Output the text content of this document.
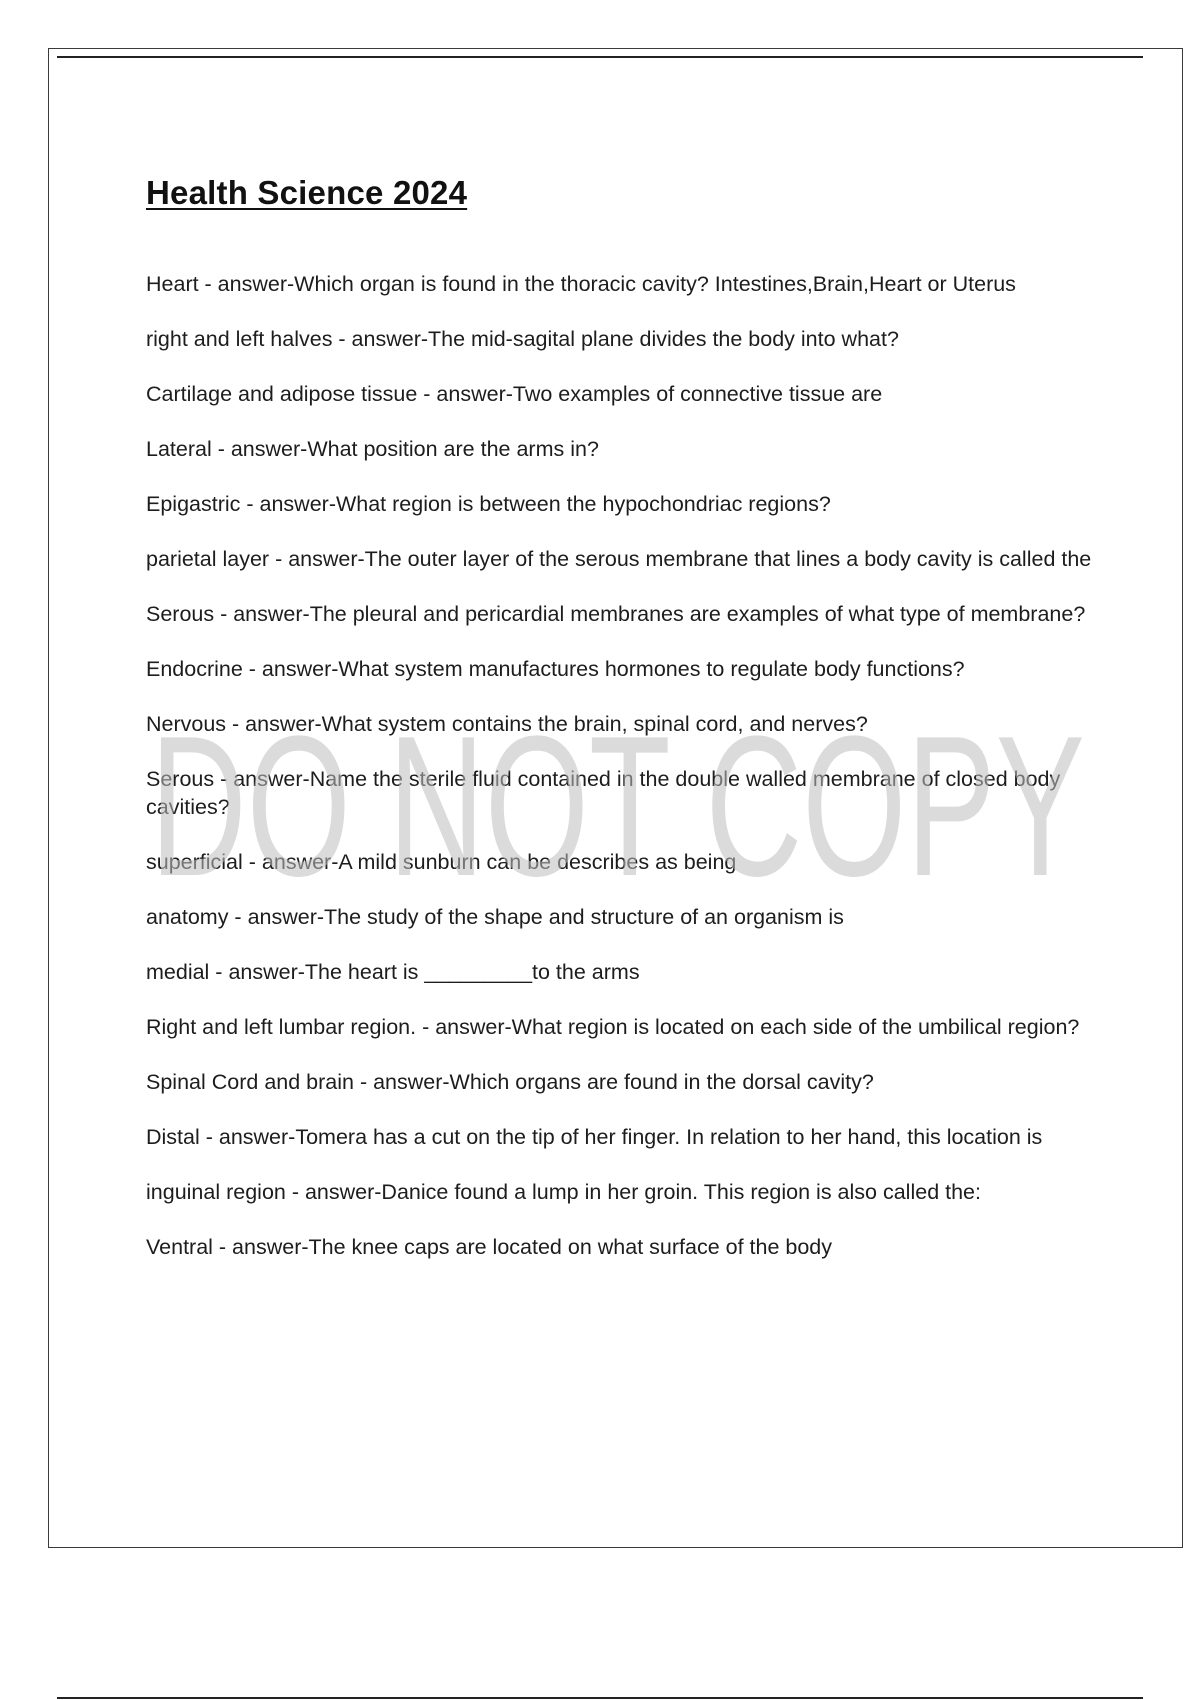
Health Science 2024
Heart - answer-Which organ is found in the thoracic cavity? Intestines,Brain,Heart or Uterus
right and left halves - answer-The mid-sagital plane divides the body into what?
Cartilage and adipose tissue - answer-Two examples of connective tissue are
Lateral - answer-What position are the arms in?
Epigastric - answer-What region is between the hypochondriac regions?
parietal layer - answer-The outer layer of the serous membrane that lines a body cavity is called the
Serous - answer-The pleural and pericardial membranes are examples of what type of membrane?
Endocrine - answer-What system manufactures hormones to regulate body functions?
Nervous - answer-What system contains the brain, spinal cord, and nerves?
Serous - answer-Name the sterile fluid contained in the double walled membrane of closed body cavities?
superficial - answer-A mild sunburn can be describes as being
anatomy - answer-The study of the shape and structure of an organism is
medial - answer-The heart is _________to the arms
Right and left lumbar region. - answer-What region is located on each side of the umbilical region?
Spinal Cord and brain - answer-Which organs are found in the dorsal cavity?
Distal - answer-Tomera has a cut on the tip of her finger. In relation to her hand, this location is
inguinal region - answer-Danice found a lump in her groin. This region is also called the:
Ventral - answer-The knee caps are located on what surface of the body
DO NOT COPY
